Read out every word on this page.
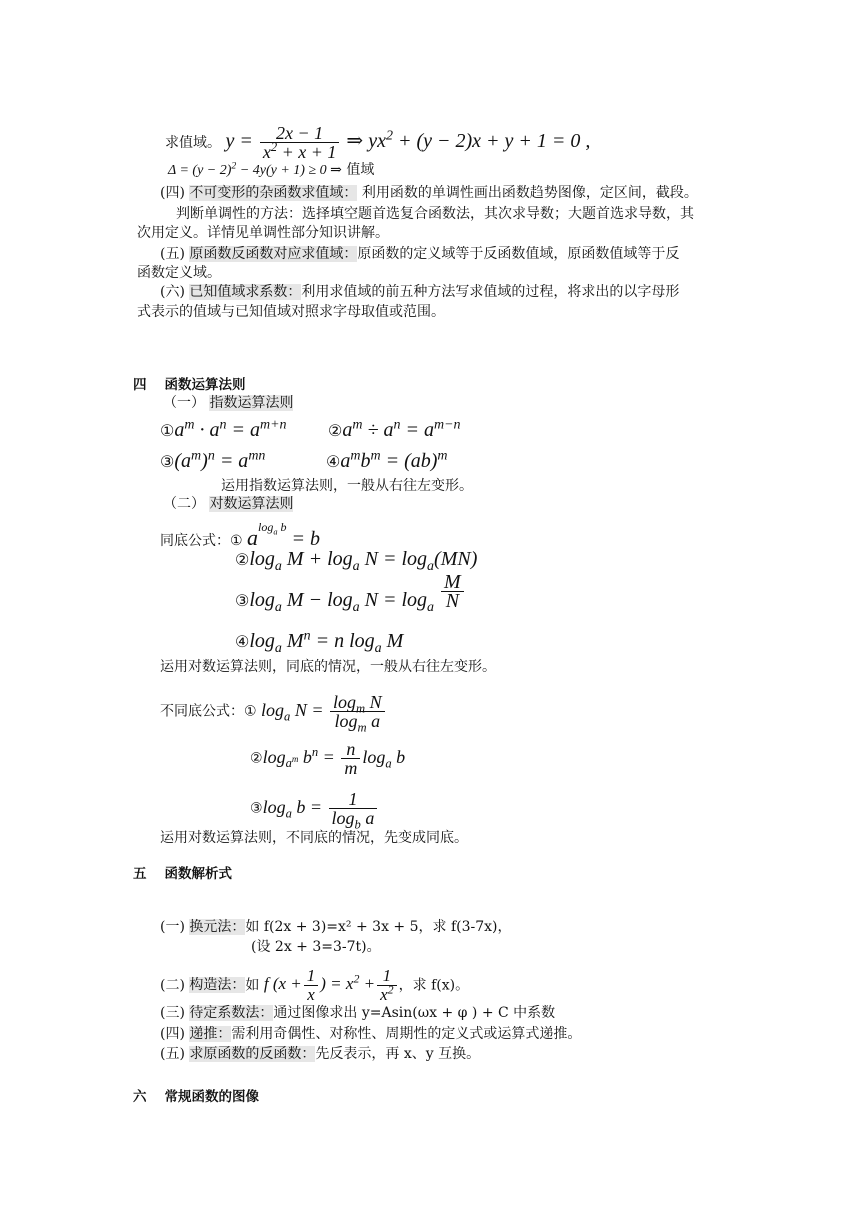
求值域。 $y = \frac{2x - 1}{x^2 + x + 1}$ ⇒ $yx^2 + (y - 2)x + y + 1 = 0$ ,
$\Delta = (y - 2)^2 - 4y(y + 1) \ge 0$ ⇒ 值域
(四) 不可变形的杂函数求值域： 利用函数的单调性画出函数趋势图像，定区间，截段。
判断单调性的方法：选择填空题首选复合函数法，其次求导数；大题首选求导数，其
次用定义。详情见单调性部分知识讲解。
(五) 原函数反函数对应求值域：原函数的定义域等于反函数值域，原函数值域等于反
函数定义域。
(六) 已知值域求系数：利用求值域的前五种方法写求值域的过程，将求出的以字母形
式表示的值域与已知值域对照求字母取值或范围。
四 函数运算法则
（一） 指数运算法则
$①a^m \cdot a^n = a^{m+n}$	$②a^m \div a^n = a^{m-n}$
$③(a^m)^n = a^{mn}$	$④a^mb^m = (ab)^m$
运用指数运算法则，一般从右往左变形。
（二） 对数运算法则
同底公式：① $a^{log_a b} = b$
$②\log_a$ $M + \log_a N = \log_a(MN)$
$③\log_a$ $M - \log_a N = \log_a \frac{M}{N}$
$④\log_a$ $M^n = n$ $\log_a M$
运用对数运算法则，同底的情况，一般从右往左变形。
不同底公式：① $\log_a N = \frac{\log_m N}{\log_m a}$
$②\log_{a^m}$ $b^n = \frac{n}{m} \log_a b$
$③\log_a$ $b = \frac{1}{\log_b a}$
运用对数运算法则，不同底的情况，先变成同底。
五 函数解析式
(一) 换元法：如 f(2x + 3)=x² + 3x + 5，求 f(3-7x)，
(设 2x + 3=3-7t)。
(二) 构造法：如 f ($x + \frac{1}{x}$ ) = $x^2 + \frac{1}{x^2}$ ，求 f(x)。
(三) 待定系数法：通过图像求出 y=Asin(ωx + φ ) + C 中系数
(四) 递推：需利用奇偶性、对称性、周期性的定义式或运算式递推。
(五) 求原函数的反函数：先反表示，再 x、y 互换。
六 常规函数的图像
